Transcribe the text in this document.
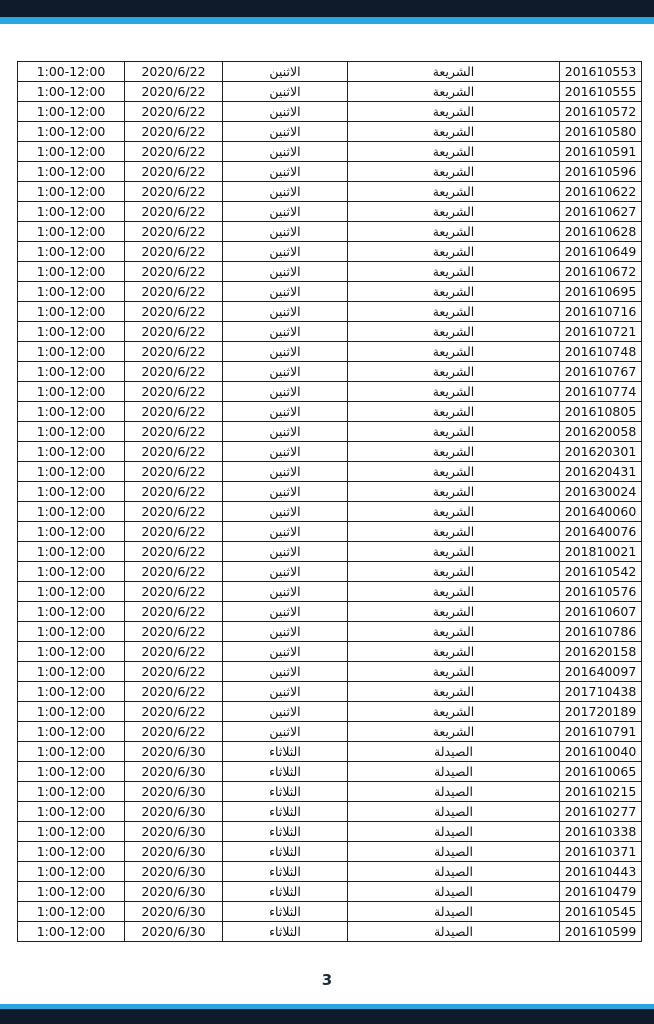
1:00-12:00	2020/6/22	الاثنين	الشريعة	201610553
1:00-12:00	2020/6/22	الاثنين	الشريعة	201610555
1:00-12:00	2020/6/22	الاثنين	الشريعة	201610572
1:00-12:00	2020/6/22	الاثنين	الشريعة	201610580
1:00-12:00	2020/6/22	الاثنين	الشريعة	201610591
1:00-12:00	2020/6/22	الاثنين	الشريعة	201610596
1:00-12:00	2020/6/22	الاثنين	الشريعة	201610622
1:00-12:00	2020/6/22	الاثنين	الشريعة	201610627
1:00-12:00	2020/6/22	الاثنين	الشريعة	201610628
1:00-12:00	2020/6/22	الاثنين	الشريعة	201610649
1:00-12:00	2020/6/22	الاثنين	الشريعة	201610672
1:00-12:00	2020/6/22	الاثنين	الشريعة	201610695
1:00-12:00	2020/6/22	الاثنين	الشريعة	201610716
1:00-12:00	2020/6/22	الاثنين	الشريعة	201610721
1:00-12:00	2020/6/22	الاثنين	الشريعة	201610748
1:00-12:00	2020/6/22	الاثنين	الشريعة	201610767
1:00-12:00	2020/6/22	الاثنين	الشريعة	201610774
1:00-12:00	2020/6/22	الاثنين	الشريعة	201610805
1:00-12:00	2020/6/22	الاثنين	الشريعة	201620058
1:00-12:00	2020/6/22	الاثنين	الشريعة	201620301
1:00-12:00	2020/6/22	الاثنين	الشريعة	201620431
1:00-12:00	2020/6/22	الاثنين	الشريعة	201630024
1:00-12:00	2020/6/22	الاثنين	الشريعة	201640060
1:00-12:00	2020/6/22	الاثنين	الشريعة	201640076
1:00-12:00	2020/6/22	الاثنين	الشريعة	201810021
1:00-12:00	2020/6/22	الاثنين	الشريعة	201610542
1:00-12:00	2020/6/22	الاثنين	الشريعة	201610576
1:00-12:00	2020/6/22	الاثنين	الشريعة	201610607
1:00-12:00	2020/6/22	الاثنين	الشريعة	201610786
1:00-12:00	2020/6/22	الاثنين	الشريعة	201620158
1:00-12:00	2020/6/22	الاثنين	الشريعة	201640097
1:00-12:00	2020/6/22	الاثنين	الشريعة	201710438
1:00-12:00	2020/6/22	الاثنين	الشريعة	201720189
1:00-12:00	2020/6/22	الاثنين	الشريعة	201610791
1:00-12:00	2020/6/30	الثلاثاء	الصيدلة	201610040
1:00-12:00	2020/6/30	الثلاثاء	الصيدلة	201610065
1:00-12:00	2020/6/30	الثلاثاء	الصيدلة	201610215
1:00-12:00	2020/6/30	الثلاثاء	الصيدلة	201610277
1:00-12:00	2020/6/30	الثلاثاء	الصيدلة	201610338
1:00-12:00	2020/6/30	الثلاثاء	الصيدلة	201610371
1:00-12:00	2020/6/30	الثلاثاء	الصيدلة	201610443
1:00-12:00	2020/6/30	الثلاثاء	الصيدلة	201610479
1:00-12:00	2020/6/30	الثلاثاء	الصيدلة	201610545
1:00-12:00	2020/6/30	الثلاثاء	الصيدلة	201610599
3
